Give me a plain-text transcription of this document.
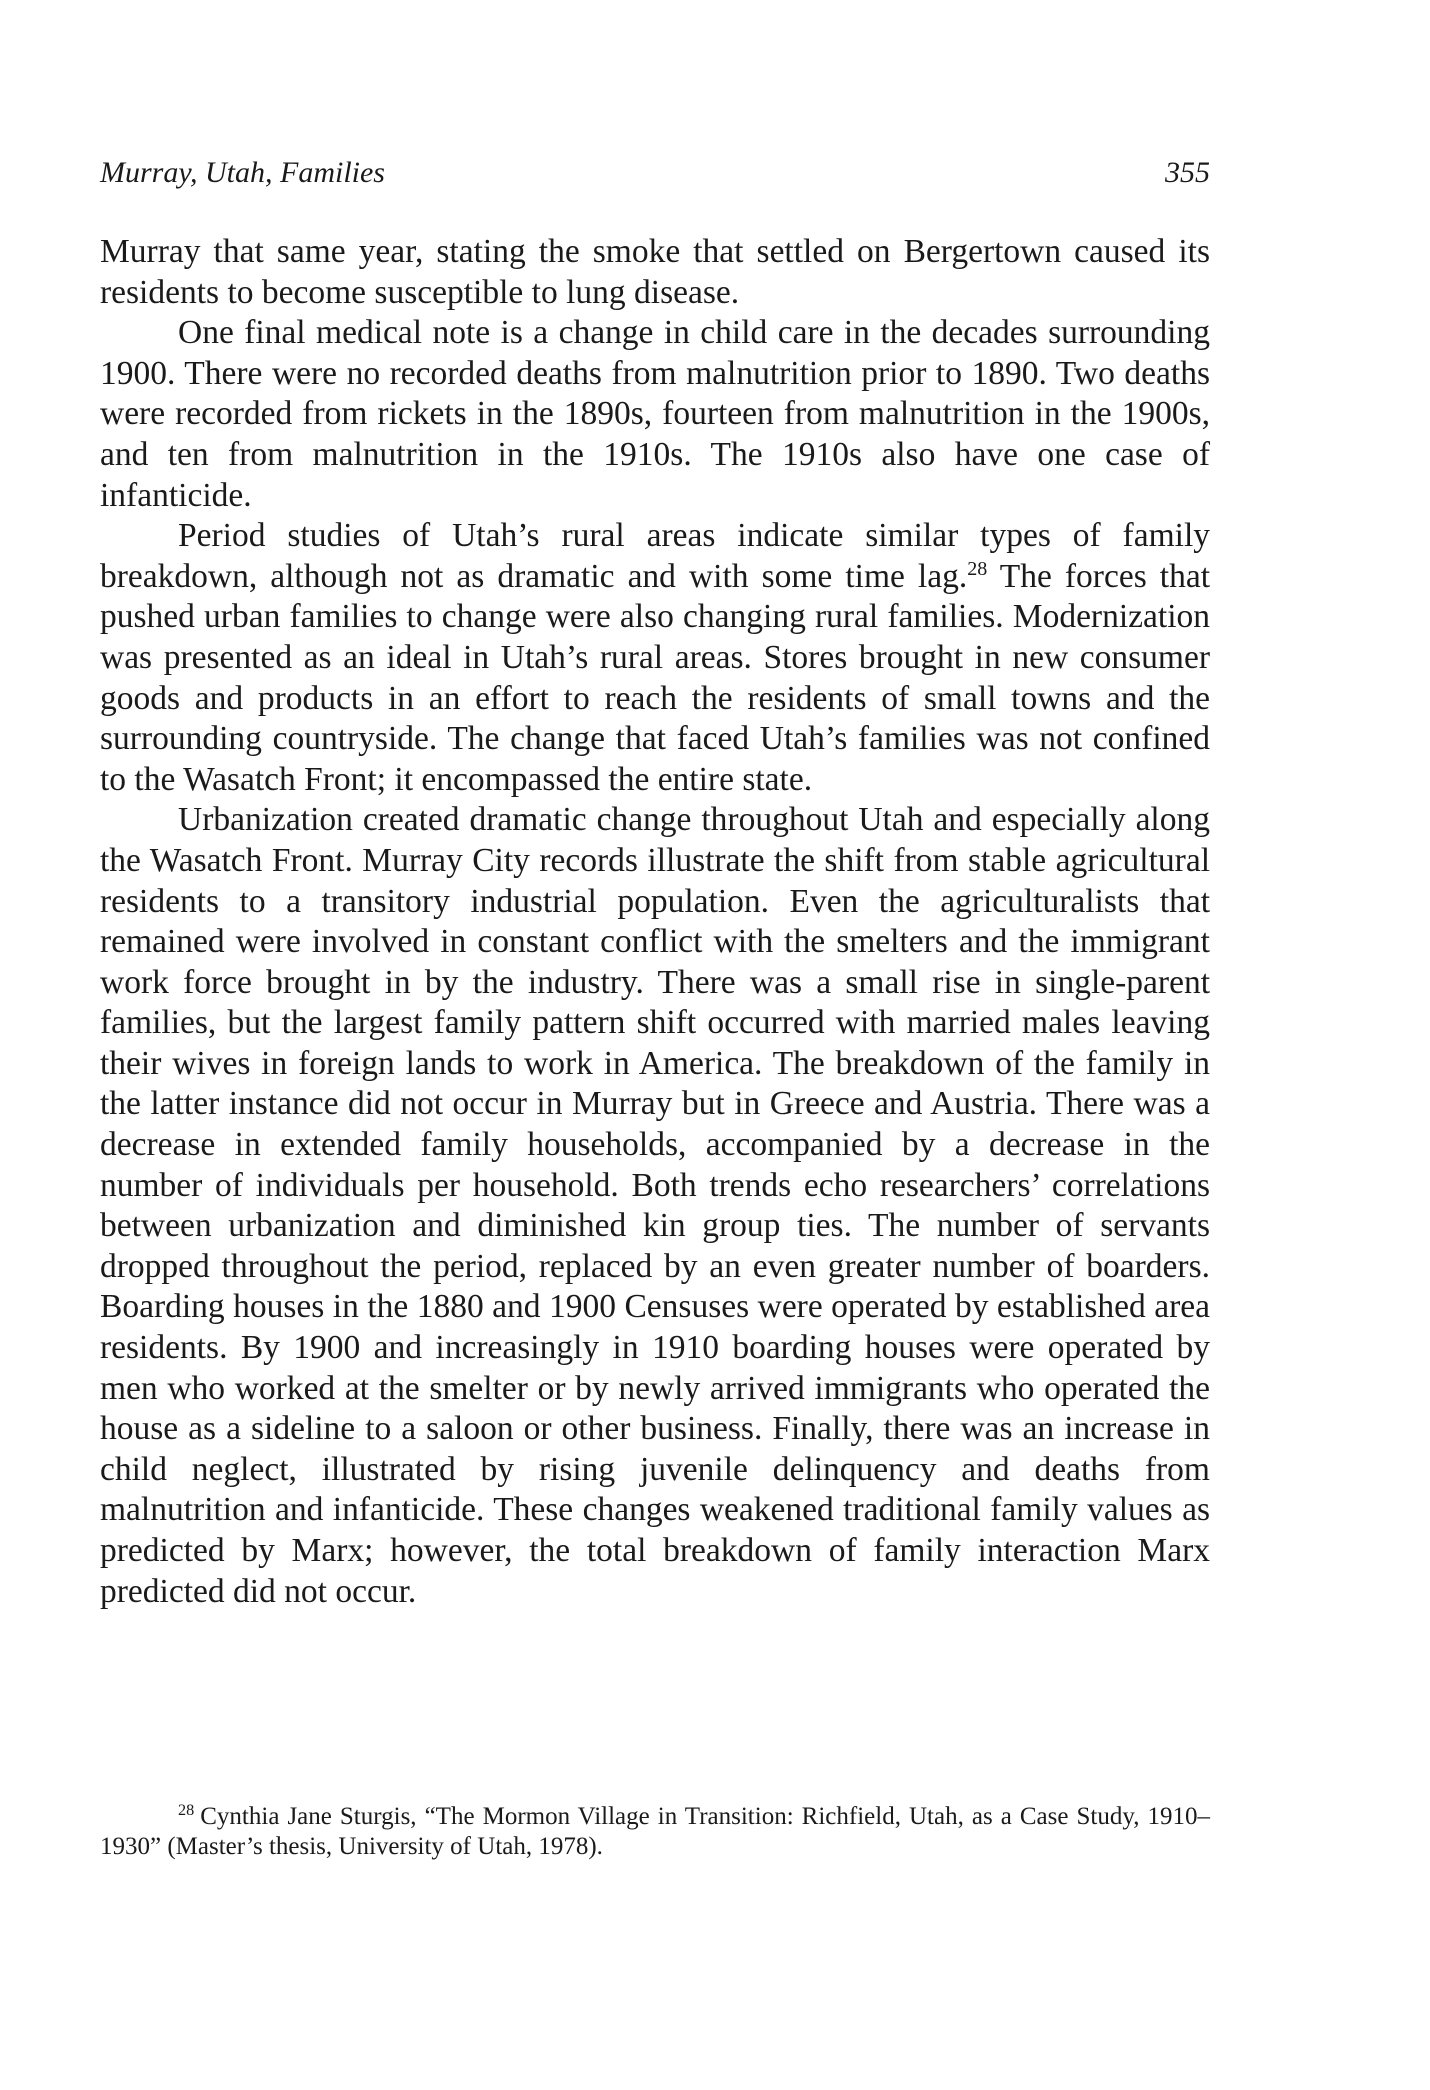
Murray, Utah, Families	355

Murray that same year, stating the smoke that settled on Bergertown caused its residents to become susceptible to lung disease.

One final medical note is a change in child care in the decades surrounding 1900. There were no recorded deaths from malnutrition prior to 1890. Two deaths were recorded from rickets in the 1890s, fourteen from malnutrition in the 1900s, and ten from malnutrition in the 1910s. The 1910s also have one case of infanticide.

Period studies of Utah’s rural areas indicate similar types of family breakdown, although not as dramatic and with some time lag.$^{28}$ The forces that pushed urban families to change were also changing rural families. Modernization was presented as an ideal in Utah’s rural areas. Stores brought in new consumer goods and products in an effort to reach the residents of small towns and the surrounding countryside. The change that faced Utah’s families was not confined to the Wasatch Front; it encompassed the entire state.

Urbanization created dramatic change throughout Utah and especially along the Wasatch Front. Murray City records illustrate the shift from stable agricultural residents to a transitory industrial population. Even the agriculturalists that remained were involved in constant conflict with the smelters and the immigrant work force brought in by the industry. There was a small rise in single-parent families, but the largest family pattern shift occurred with married males leaving their wives in foreign lands to work in America. The breakdown of the family in the latter instance did not occur in Murray but in Greece and Austria. There was a decrease in extended family households, accompanied by a decrease in the number of individuals per household. Both trends echo researchers’ correlations between urbanization and diminished kin group ties. The number of servants dropped throughout the period, replaced by an even greater number of boarders. Boarding houses in the 1880 and 1900 Censuses were operated by established area residents. By 1900 and increasingly in 1910 boarding houses were operated by men who worked at the smelter or by newly arrived immigrants who operated the house as a sideline to a saloon or other business. Finally, there was an increase in child neglect, illustrated by rising juvenile delinquency and deaths from malnutrition and infanticide. These changes weakened traditional family values as predicted by Marx; however, the total breakdown of family interaction Marx predicted did not occur.

$^{28}$ Cynthia Jane Sturgis, “The Mormon Village in Transition: Richfield, Utah, as a Case Study, 1910–1930” (Master’s thesis, University of Utah, 1978).
